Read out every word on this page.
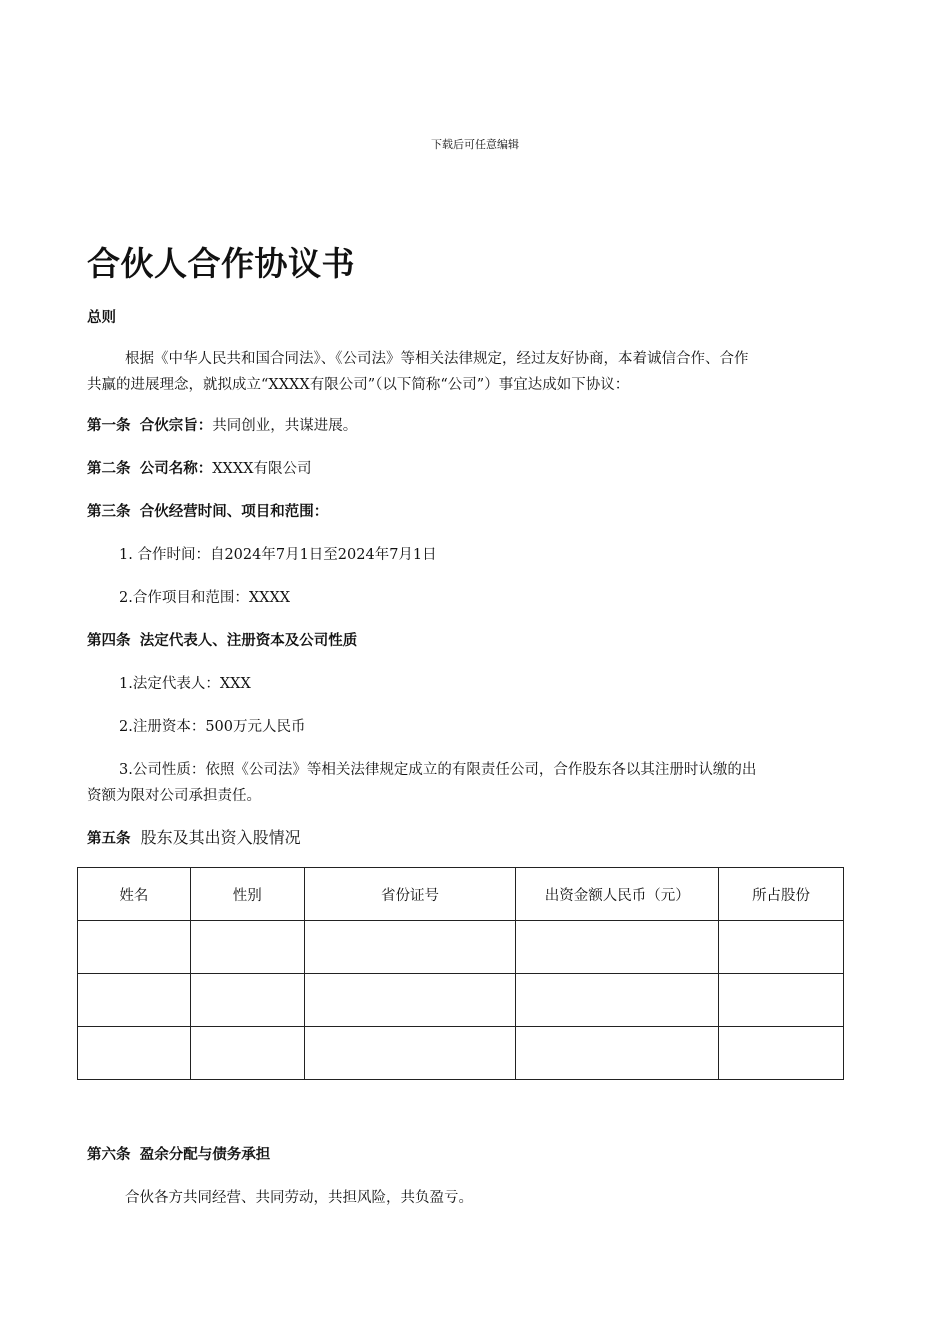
下载后可任意编辑
合伙人合作协议书
总则
根据《中华人民共和国合同法》、《公司法》等相关法律规定，经过友好协商，本着诚信合作、合作
共赢的进展理念，就拟成立“XXXX有限公司”（以下简称“公司”）事宜达成如下协议：
第一条 合伙宗旨：共同创业，共谋进展。
第二条 公司名称：XXXX有限公司
第三条 合伙经营时间、项目和范围：
1. 合作时间：自2024年7月1日至2024年7月1日
2.合作项目和范围：XXXX
第四条 法定代表人、注册资本及公司性质
1.法定代表人：XXX
2.注册资本：500万元人民币
3.公司性质：依照《公司法》等相关法律规定成立的有限责任公司，合作股东各以其注册时认缴的出
资额为限对公司承担责任。
第五条 股东及其出资入股情况
姓名	性别	省份证号	出资金额人民币（元）	所占股份

第六条 盈余分配与债务承担
合伙各方共同经营、共同劳动，共担风险，共负盈亏。
